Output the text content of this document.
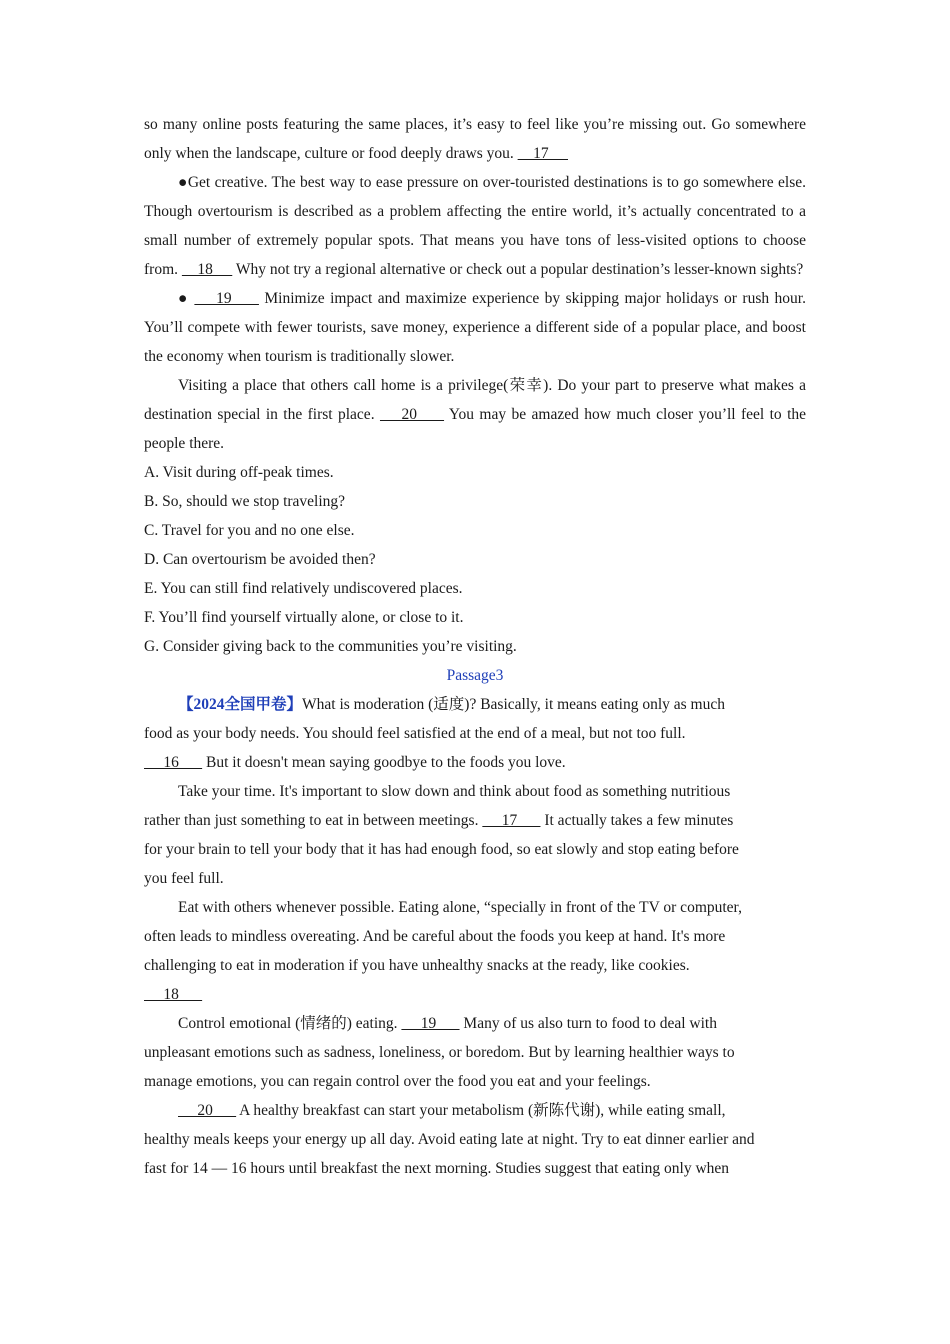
so many online posts featuring the same places, it’s easy to feel like you’re missing out. Go somewhere only when the landscape, culture or food deeply draws you.     17

●Get creative. The best way to ease pressure on over-touristed destinations is to go somewhere else. Though overtourism is described as a problem affecting the entire world, it’s actually concentrated to a small number of extremely popular spots. That means you have tons of less-visited options to choose from.     18      Why not try a regional alternative or check out a popular destination’s lesser-known sights?

●     19      Minimize impact and maximize experience by skipping major holidays or rush hour. You’ll compete with fewer tourists, save money, experience a different side of a popular place, and boost the economy when tourism is traditionally slower.

Visiting a place that others call home is a privilege(荣幸). Do your part to preserve what makes a destination special in the first place.     20      You may be amazed how much closer you’ll feel to the people there.

A. Visit during off-peak times.

B. So, should we stop traveling?

C. Travel for you and no one else.

D. Can overtourism be avoided then?

E. You can still find relatively undiscovered places.

F. You’ll find yourself virtually alone, or close to it.

G. Consider giving back to the communities you’re visiting.

Passage3

【2024全国甲卷】What is moderation (适度)? Basically, it means eating only as much
food as your body needs. You should feel satisfied at the end of a meal, but not too full.
16       But it doesn't mean saying goodbye to the foods you love.

Take your time. It's important to slow down and think about food as something nutritious
rather than just something to eat in between meetings.      17       It actually takes a few minutes
for your brain to tell your body that it has had enough food, so eat slowly and stop eating before
you feel full.

Eat with others whenever possible. Eating alone, “specially in front of the TV or computer,
often leads to mindless overeating. And be careful about the foods you keep at hand. It's more
challenging to eat in moderation if you have unhealthy snacks at the ready, like cookies.
18

Control emotional (情绪的) eating.      19       Many of us also turn to food to deal with
unpleasant emotions such as sadness, loneliness, or boredom. But by learning healthier ways to
manage emotions, you can regain control over the food you eat and your feelings.

20       A healthy breakfast can start your metabolism (新陈代谢), while eating small,
healthy meals keeps your energy up all day. Avoid eating late at night. Try to eat dinner earlier and
fast for 14 — 16 hours until breakfast the next morning. Studies suggest that eating only when
